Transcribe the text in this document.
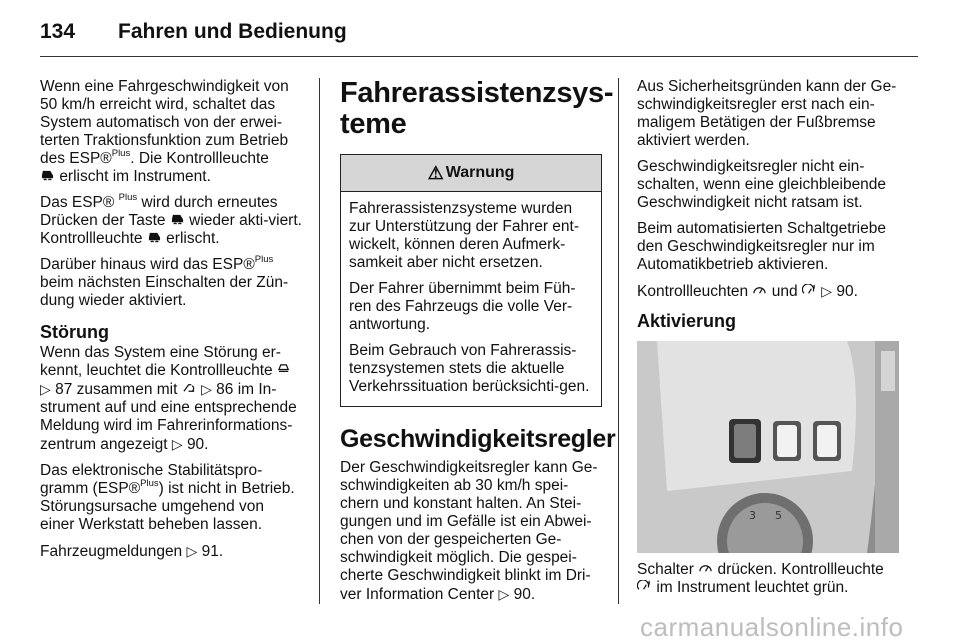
134 Fahren und Bedienung

Wenn eine Fahrgeschwindigkeit von 50 km/h erreicht wird, schaltet das System automatisch von der erwei-terten Traktionsfunktion zum Betrieb des ESP®$^{Plus}$. Die Kontrollleuchte
erlischt im Instrument.

Das ESP® $^{Plus}$ wird durch erneutes Drücken der Taste wieder akti-viert. Kontrollleuchte erlischt.

Darüber hinaus wird das ESP®$^{Plus}$ beim nächsten Einschalten der Zün-dung wieder aktiviert.

Störung

Wenn das System eine Störung er-kennt, leuchtet die Kontrollleuchte  ▷ 87 zusammen mit ▷ 86 im In-strument auf und eine entsprechende Meldung wird im Fahrerinformations-zentrum angezeigt ▷ 90.

Das elektronische Stabilitätspro-gramm (ESP®$^{Plus}$) ist nicht in Betrieb. Störungsursache umgehend von einer Werkstatt beheben lassen.

Fahrzeugmeldungen ▷ 91.

Fahrerassistenzsys-teme
⚠ Warnung

Fahrerassistenzsysteme wurden zur Unterstützung der Fahrer ent-wickelt, können deren Aufmerk-samkeit aber nicht ersetzen.

Der Fahrer übernimmt beim Füh-ren des Fahrzeugs die volle Ver-antwortung.

Beim Gebrauch von Fahrerassis-tenzsystemen stets die aktuelle Verkehrssituation berücksichti-gen.

Geschwindigkeitsregler

Der Geschwindigkeitsregler kann Ge-schwindigkeiten ab 30 km/h spei-chern und konstant halten. An Stei-gungen und im Gefälle ist ein Abwei-chen von der gespeicherten Ge-schwindigkeit möglich. Die gespei-cherte Geschwindigkeit blinkt im Dri-ver Information Center ▷ 90.

Aus Sicherheitsgründen kann der Ge-schwindigkeitsregler erst nach ein-maligem Betätigen der Fußbremse aktiviert werden.

Geschwindigkeitsregler nicht ein-schalten, wenn eine gleichbleibende Geschwindigkeit nicht ratsam ist.

Beim automatisierten Schaltgetriebe den Geschwindigkeitsregler nur im Automatikbetrieb aktivieren.

Kontrollleuchten und ▷ 90.

Aktivierung
3 5

Schalter drücken. Kontrollleuchte
im Instrument leuchtet grün.

carmanualsonline.info
